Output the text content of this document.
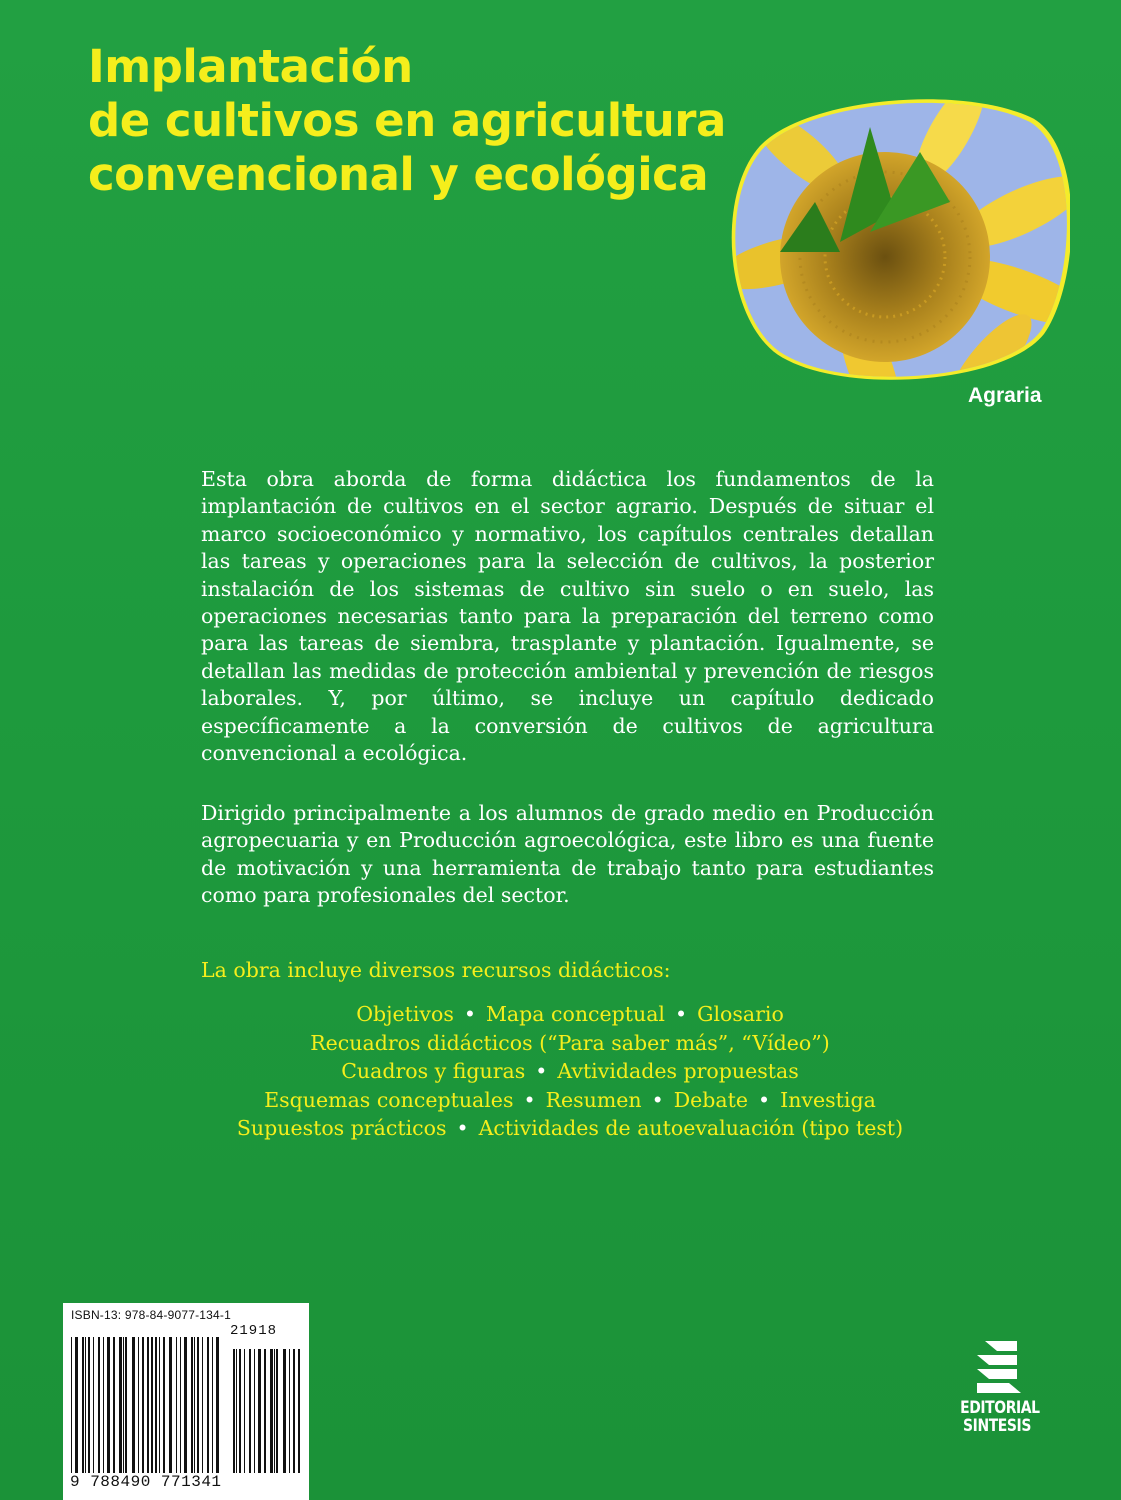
Implantación
de cultivos en agricultura
convencional y ecológica
Agraria

Esta obra aborda de forma didáctica los fundamentos de la implantación de cultivos en el sector agrario. Después de situar el marco socioeconómico y normativo, los capítulos centrales detallan las tareas y operaciones para la selección de cultivos, la posterior instalación de los sistemas de cultivo sin suelo o en suelo, las operaciones necesarias tanto para la preparación del terreno como para las tareas de siembra, trasplante y plantación. Igualmente, se detallan las medidas de protección ambiental y prevención de riesgos laborales. Y, por último, se incluye un capítulo dedicado específicamente a la conversión de cultivos de agricultura convencional a ecológica.

Dirigido principalmente a los alumnos de grado medio en Producción agropecuaria y en Producción agroecológica, este libro es una fuente de motivación y una herramienta de trabajo tanto para estudiantes como para profesionales del sector.

La obra incluye diversos recursos didácticos:

Objetivos • Mapa conceptual • Glosario
Recuadros didácticos (“Para saber más”, “Vídeo”)
Cuadros y figuras • Avtividades propuestas
Esquemas conceptuales • Resumen • Debate • Investiga
Supuestos prácticos • Actividades de autoevaluación (tipo test)
ISBN-13: 978-84-9077-134-1
21918
9 788490 771341
EDITORIAL
SINTESIS
